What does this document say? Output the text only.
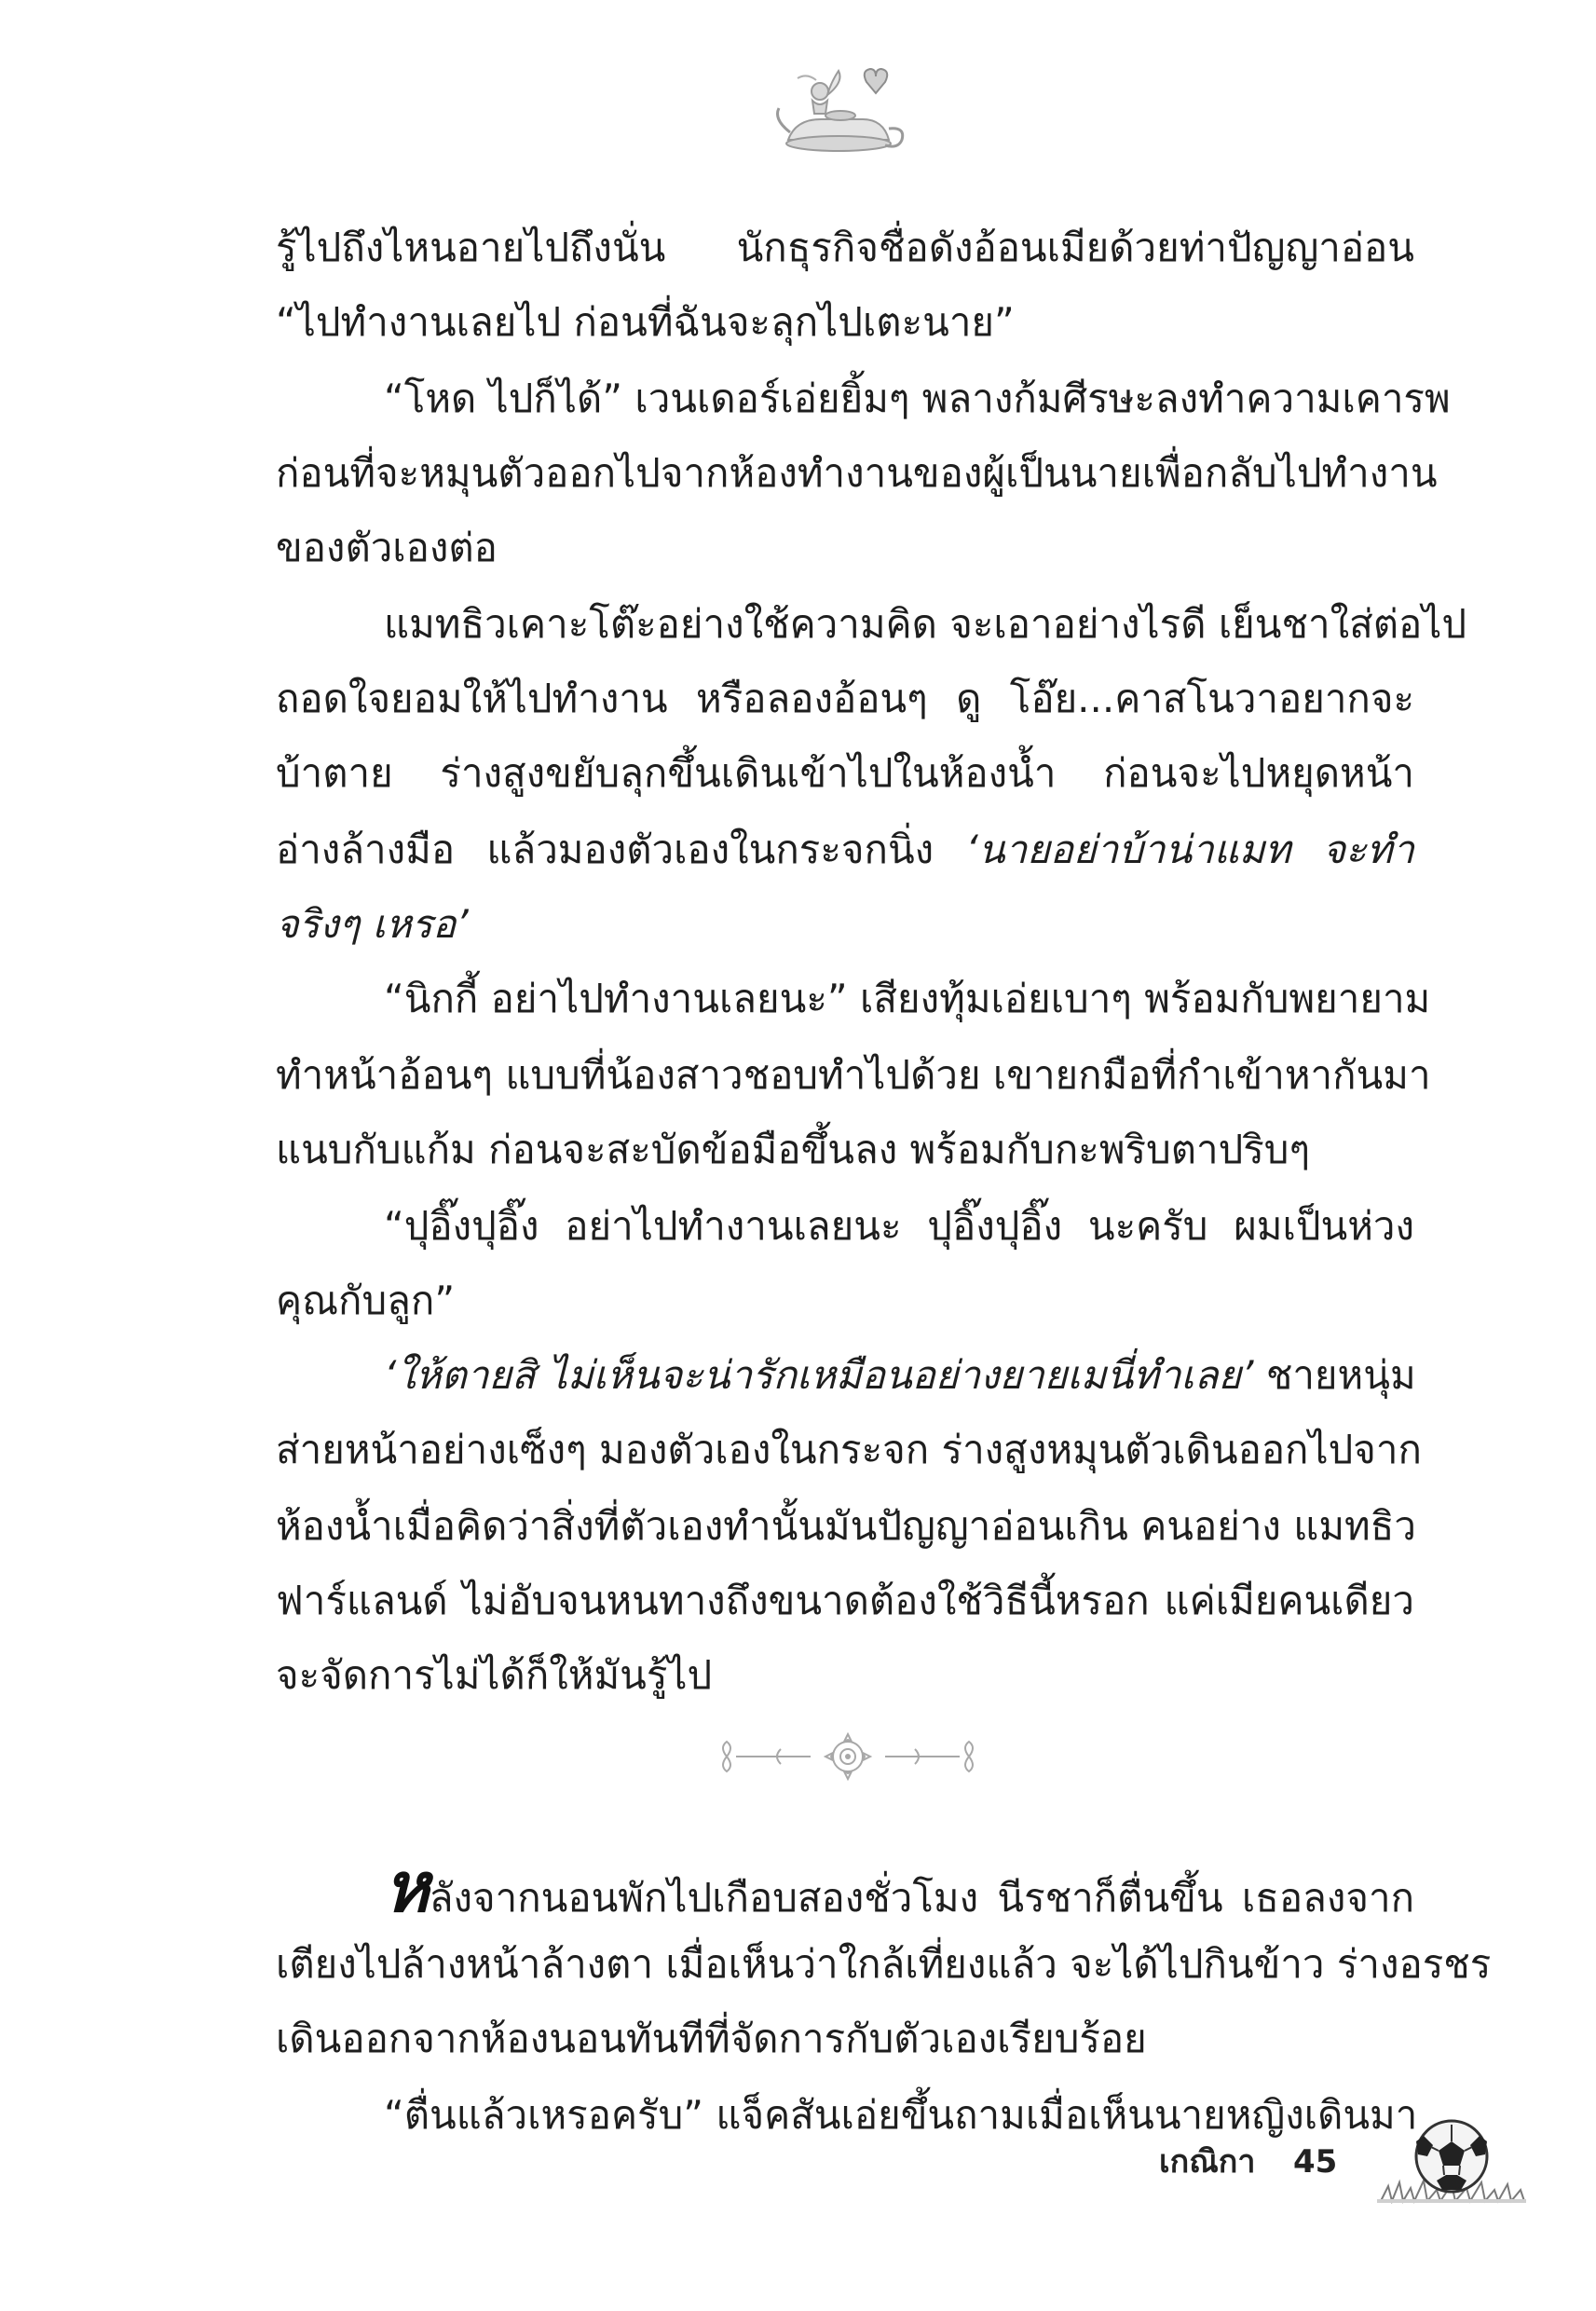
รู้ไปถึงไหนอายไปถึงนั่น นักธุรกิจชื่อดังอ้อนเมียด้วยท่าปัญญาอ่อน
“ไปทำงานเลยไป ก่อนที่ฉันจะลุกไปเตะนาย”
“โหด ไปก็ได้” เวนเดอร์เอ่ยยิ้มๆ พลางก้มศีรษะลงทำความเคารพ
ก่อนที่จะหมุนตัวออกไปจากห้องทำงานของผู้เป็นนายเพื่อกลับไปทำงาน
ของตัวเองต่อ
แมทธิวเคาะโต๊ะอย่างใช้ความคิด จะเอาอย่างไรดี เย็นชาใส่ต่อไป
ถอดใจยอมให้ไปทำงาน หรือลองอ้อนๆ ดู โอ๊ย...คาสโนวาอยากจะ
บ้าตาย ร่างสูงขยับลุกขึ้นเดินเข้าไปในห้องน้ำ ก่อนจะไปหยุดหน้า
อ่างล้างมือ แล้วมองตัวเองในกระจกนิ่ง ‘นายอย่าบ้าน่าแมท จะทำ
จริงๆ เหรอ’
“นิกกี้ อย่าไปทำงานเลยนะ” เสียงทุ้มเอ่ยเบาๆ พร้อมกับพยายาม
ทำหน้าอ้อนๆ แบบที่น้องสาวชอบทำไปด้วย เขายกมือที่กำเข้าหากันมา
แนบกับแก้ม ก่อนจะสะบัดข้อมือขึ้นลง พร้อมกับกะพริบตาปริบๆ
“ปุอิ๊งปุอิ๊ง อย่าไปทำงานเลยนะ ปุอิ๊งปุอิ๊ง นะครับ ผมเป็นห่วง
คุณกับลูก”
‘ให้ตายสิ ไม่เห็นจะน่ารักเหมือนอย่างยายเมนี่ทำเลย’ ชายหนุ่ม
ส่ายหน้าอย่างเซ็งๆ มองตัวเองในกระจก ร่างสูงหมุนตัวเดินออกไปจาก
ห้องน้ำเมื่อคิดว่าสิ่งที่ตัวเองทำนั้นมันปัญญาอ่อนเกิน คนอย่าง แมทธิว
ฟาร์แลนด์ ไม่อับจนหนทางถึงขนาดต้องใช้วิธีนี้หรอก แค่เมียคนเดียว
จะจัดการไม่ได้ก็ให้มันรู้ไป
หลังจากนอนพักไปเกือบสองชั่วโมง นีรชาก็ตื่นขึ้น เธอลงจาก
เตียงไปล้างหน้าล้างตา เมื่อเห็นว่าใกล้เที่ยงแล้ว จะได้ไปกินข้าว ร่างอรชร
เดินออกจากห้องนอนทันทีที่จัดการกับตัวเองเรียบร้อย
“ตื่นแล้วเหรอครับ” แจ็คสันเอ่ยขึ้นถามเมื่อเห็นนายหญิงเดินมา
เกณิกา 45
